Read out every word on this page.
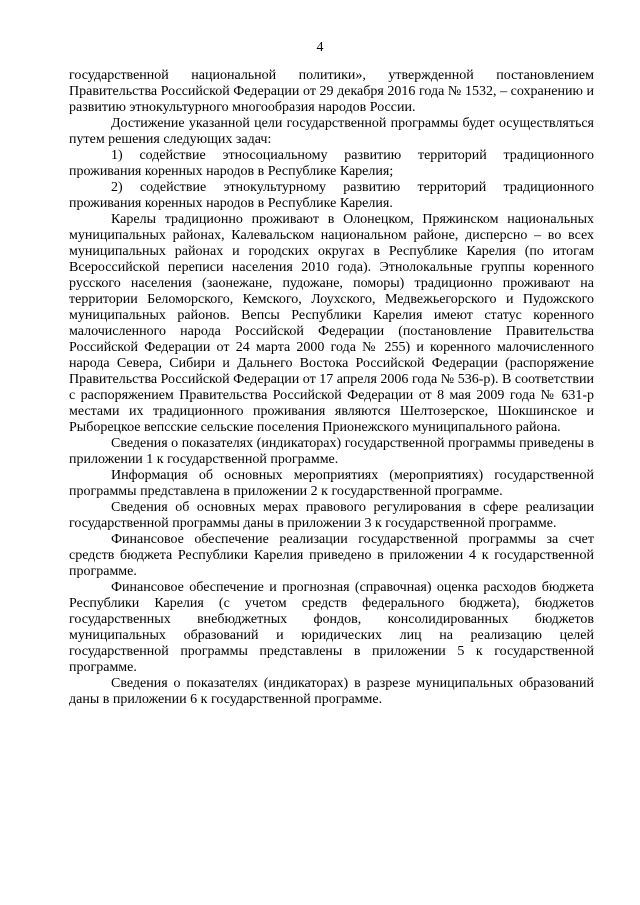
4

государственной национальной политики», утвержденной постановлением Правительства Российской Федерации от 29 декабря 2016 года № 1532, – сохранению и развитию этнокультурного многообразия народов России.

Достижение указанной цели государственной программы будет осуществляться путем решения следующих задач:

1) содействие этносоциальному развитию территорий традиционного проживания коренных народов в Республике Карелия;

2) содействие этнокультурному развитию территорий традиционного проживания коренных народов в Республике Карелия.

Карелы традиционно проживают в Олонецком, Пряжинском национальных муниципальных районах, Калевальском национальном районе, дисперсно – во всех муниципальных районах и городских округах в Республике Карелия (по итогам Всероссийской переписи населения 2010 года). Этнолокальные группы коренного русского населения (заонежане, пудожане, поморы) традиционно проживают на территории Беломорского, Кемского, Лоухского, Медвежьегорского и Пудожского муниципальных районов. Вепсы Республики Карелия имеют статус коренного малочисленного народа Российской Федерации (постановление Правительства Российской Федерации от 24 марта 2000 года № 255) и коренного малочисленного народа Севера, Сибири и Дальнего Востока Российской Федерации (распоряжение Правительства Российской Федерации от 17 апреля 2006 года № 536-р). В соответствии с распоряжением Правительства Российской Федерации от 8 мая 2009 года № 631-р местами их традиционного проживания являются Шелтозерское, Шокшинское и Рыборецкое вепсские сельские поселения Прионежского муниципального района.

Сведения о показателях (индикаторах) государственной программы приведены в приложении 1 к государственной программе.

Информация об основных мероприятиях (мероприятиях) государственной программы представлена в приложении 2 к государственной программе.

Сведения об основных мерах правового регулирования в сфере реализации государственной программы даны в приложении 3 к государственной программе.

Финансовое обеспечение реализации государственной программы за счет средств бюджета Республики Карелия приведено в приложении 4 к государственной программе.

Финансовое обеспечение и прогнозная (справочная) оценка расходов бюджета Республики Карелия (с учетом средств федерального бюджета), бюджетов государственных внебюджетных фондов, консолидированных бюджетов муниципальных образований и юридических лиц на реализацию целей государственной программы представлены в приложении 5 к государственной программе.

Сведения о показателях (индикаторах) в разрезе муниципальных образований даны в приложении 6 к государственной программе.
